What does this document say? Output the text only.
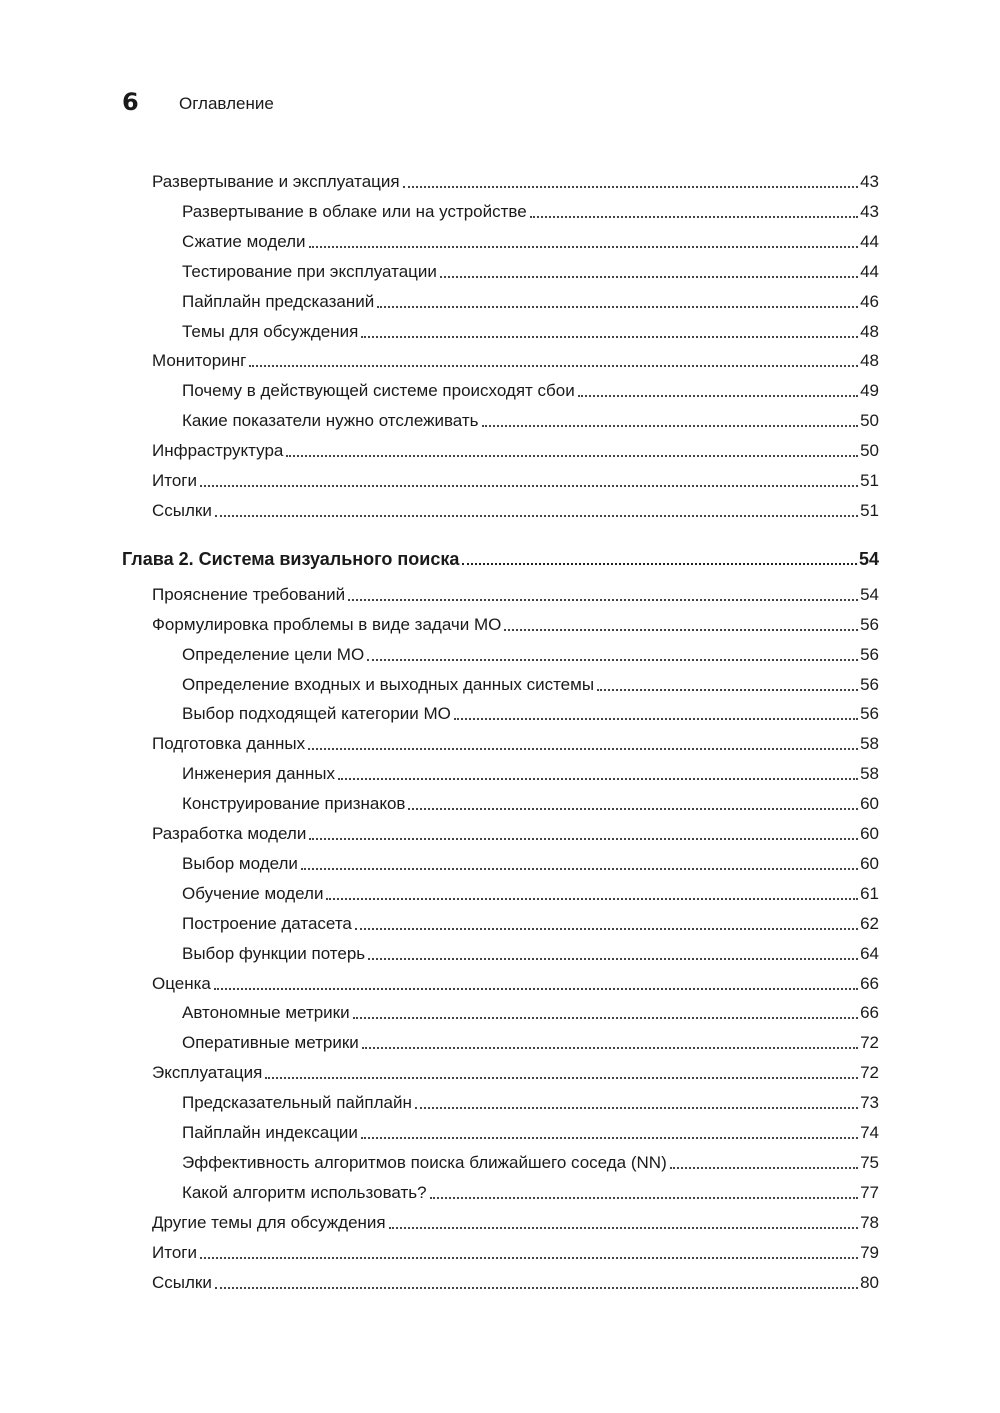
6 Оглавление
Развертывание и эксплуатация	43
Развертывание в облаке или на устройстве	43
Сжатие модели	44
Тестирование при эксплуатации	44
Пайплайн предсказаний	46
Темы для обсуждения	48
Мониторинг	48
Почему в действующей системе происходят сбои	49
Какие показатели нужно отслеживать	50
Инфраструктура	50
Итоги	51
Ссылки	51
Глава 2. Система визуального поиска	54
Прояснение требований	54
Формулировка проблемы в виде задачи МО	56
Определение цели МО	56
Определение входных и выходных данных системы	56
Выбор подходящей категории МО	56
Подготовка данных	58
Инженерия данных	58
Конструирование признаков	60
Разработка модели	60
Выбор модели	60
Обучение модели	61
Построение датасета	62
Выбор функции потерь	64
Оценка	66
Автономные метрики	66
Оперативные метрики	72
Эксплуатация	72
Предсказательный пайплайн	73
Пайплайн индексации	74
Эффективность алгоритмов поиска ближайшего соседа (NN)	75
Какой алгоритм использовать?	77
Другие темы для обсуждения	78
Итоги	79
Ссылки	80
